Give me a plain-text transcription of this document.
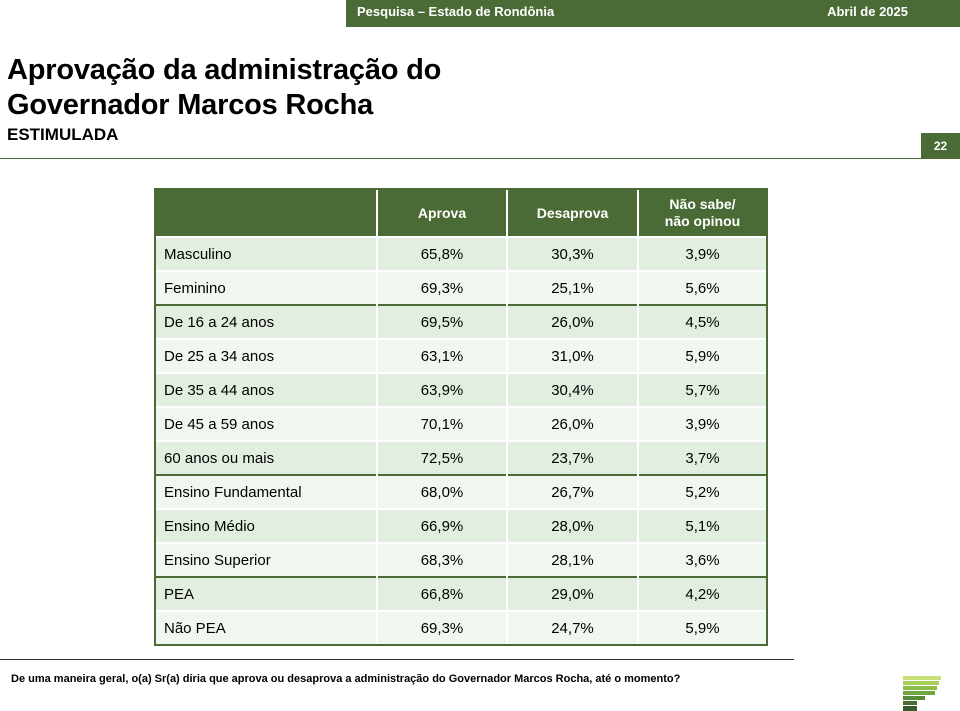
Pesquisa – Estado de Rondônia	Abril de 2025
Aprovação da administração do
Governador Marcos Rocha
ESTIMULADA
22
	Aprova	Desaprova	Não sabe/
não opinou
Masculino	65,8%	30,3%	3,9%
Feminino	69,3%	25,1%	5,6%
De 16 a 24 anos	69,5%	26,0%	4,5%
De 25 a 34 anos	63,1%	31,0%	5,9%
De 35 a 44 anos	63,9%	30,4%	5,7%
De 45 a 59 anos	70,1%	26,0%	3,9%
60 anos ou mais	72,5%	23,7%	3,7%
Ensino Fundamental	68,0%	26,7%	5,2%
Ensino Médio	66,9%	28,0%	5,1%
Ensino Superior	68,3%	28,1%	3,6%
PEA	66,8%	29,0%	4,2%
Não PEA	69,3%	24,7%	5,9%
De uma maneira geral, o(a) Sr(a) diria que aprova ou desaprova a administração do Governador Marcos Rocha, até o momento?
